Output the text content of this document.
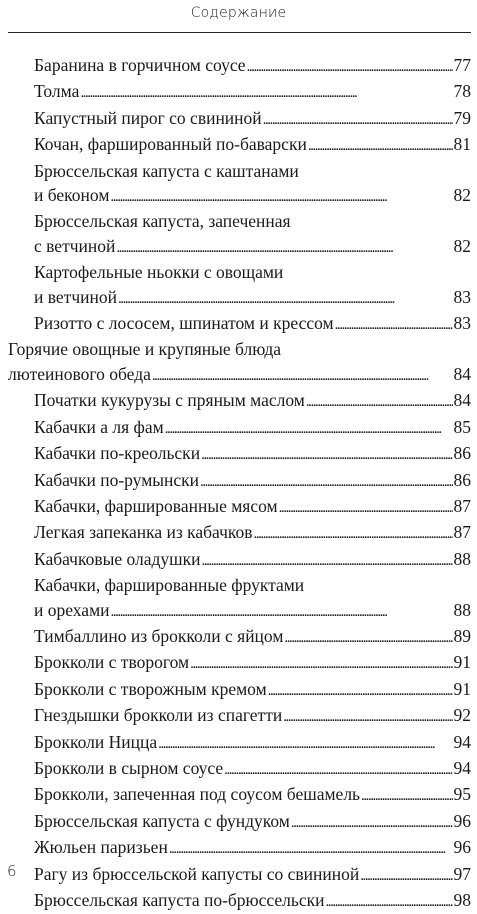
Содержание
Баранина в горчичном соусе . . .	77
Толма . . .	78
Капустный пирог со свининой . . .	79
Кочан, фаршированный по-баварски . . .	81
Брюссельская капуста с каштанами
и беконом . . .	82
Брюссельская капуста, запеченная
с ветчиной . . .	82
Картофельные ньокки с овощами
и ветчиной . . .	83
Ризотто с лососем, шпинатом и крессом . . .	83
Горячие овощные и крупяные блюда
лютеинового обеда . . .	84
Початки кукурузы с пряным маслом . . .	84
Кабачки а ля фам . . .	85
Кабачки по-креольски . . .	86
Кабачки по-румынски . . .	86
Кабачки, фаршированные мясом . . .	87
Легкая запеканка из кабачков . . .	87
Кабачковые оладушки . . .	88
Кабачки, фаршированные фруктами
и орехами . . .	88
Тимбаллино из брокколи с яйцом . . .	89
Брокколи с творогом . . .	91
Брокколи с творожным кремом . . .	91
Гнездышки брокколи из спагетти . . .	92
Брокколи Ницца . . .	94
Брокколи в сырном соусе . . .	94
Брокколи, запеченная под соусом бешамель . . .	95
Брюссельская капуста с фундуком . . .	96
Жюльен паризьен . . .	96
Рагу из брюссельской капусты со свининой . . .	97
Брюссельская капуста по-брюссельски . . .	98
6
